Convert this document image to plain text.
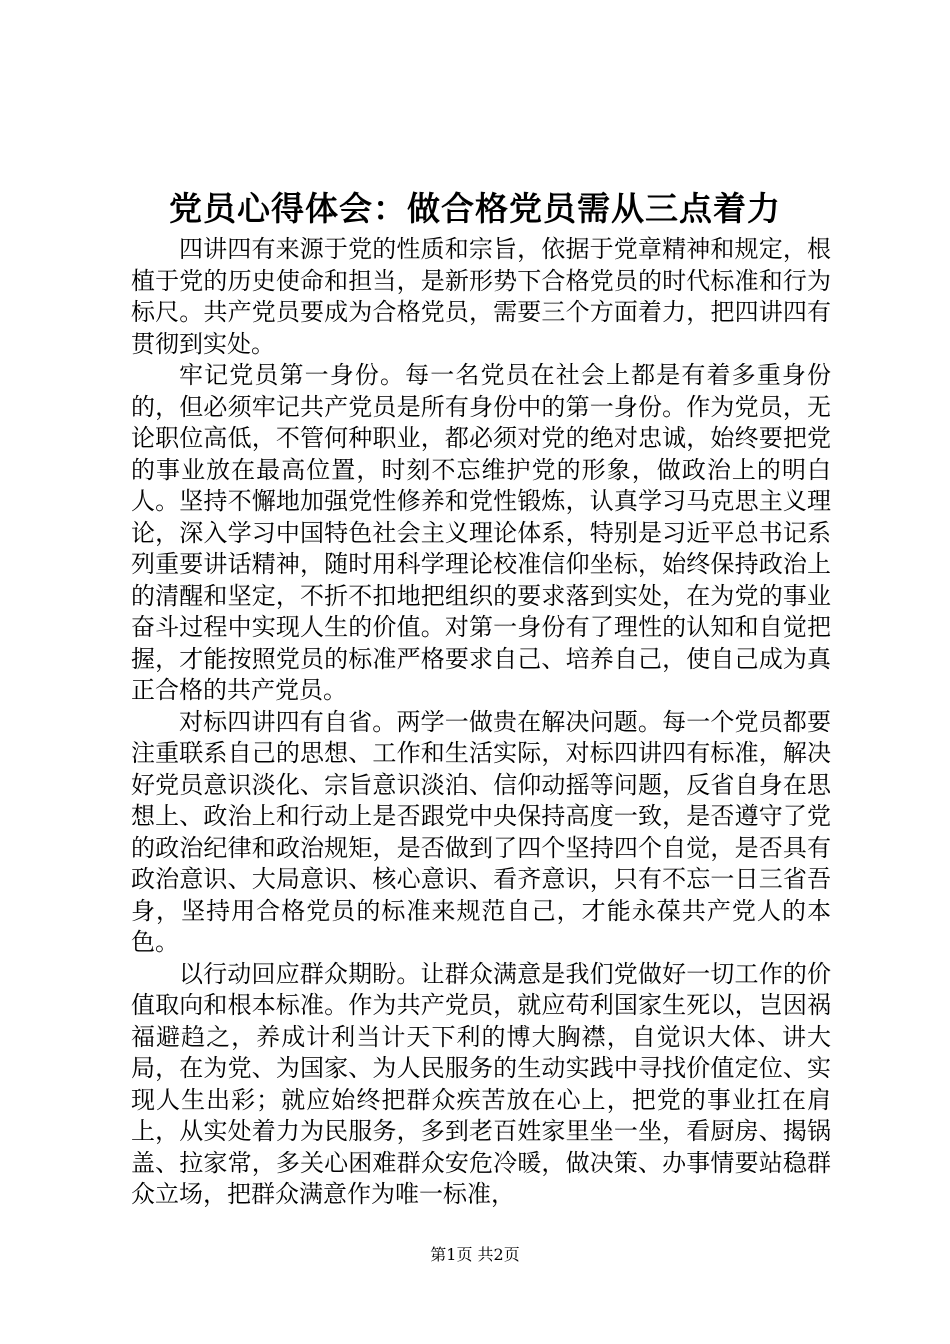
党员心得体会：做合格党员需从三点着力

四讲四有来源于党的性质和宗旨，依据于党章精神和规定，根植于党的历史使命和担当，是新形势下合格党员的时代标准和行为标尺。共产党员要成为合格党员，需要三个方面着力，把四讲四有贯彻到实处。

牢记党员第一身份。每一名党员在社会上都是有着多重身份的，但必须牢记共产党员是所有身份中的第一身份。作为党员，无论职位高低，不管何种职业，都必须对党的绝对忠诚，始终要把党的事业放在最高位置，时刻不忘维护党的形象，做政治上的明白人。坚持不懈地加强党性修养和党性锻炼，认真学习马克思主义理论，深入学习中国特色社会主义理论体系，特别是习近平总书记系列重要讲话精神，随时用科学理论校准信仰坐标，始终保持政治上的清醒和坚定，不折不扣地把组织的要求落到实处，在为党的事业奋斗过程中实现人生的价值。对第一身份有了理性的认知和自觉把握，才能按照党员的标准严格要求自己、培养自己，使自己成为真正合格的共产党员。

对标四讲四有自省。两学一做贵在解决问题。每一个党员都要注重联系自己的思想、工作和生活实际，对标四讲四有标准，解决好党员意识淡化、宗旨意识淡泊、信仰动摇等问题，反省自身在思想上、政治上和行动上是否跟党中央保持高度一致，是否遵守了党的政治纪律和政治规矩，是否做到了四个坚持四个自觉，是否具有政治意识、大局意识、核心意识、看齐意识，只有不忘一日三省吾身，坚持用合格党员的标准来规范自己，才能永葆共产党人的本色。

以行动回应群众期盼。让群众满意是我们党做好一切工作的价值取向和根本标准。作为共产党员，就应苟利国家生死以，岂因祸福避趋之，养成计利当计天下利的博大胸襟，自觉识大体、讲大局，在为党、为国家、为人民服务的生动实践中寻找价值定位、实现人生出彩；就应始终把群众疾苦放在心上，把党的事业扛在肩上，从实处着力为民服务，多到老百姓家里坐一坐，看厨房、揭锅盖、拉家常，多关心困难群众安危冷暖，做决策、办事情要站稳群众立场，把群众满意作为唯一标准，

第1页 共2页
